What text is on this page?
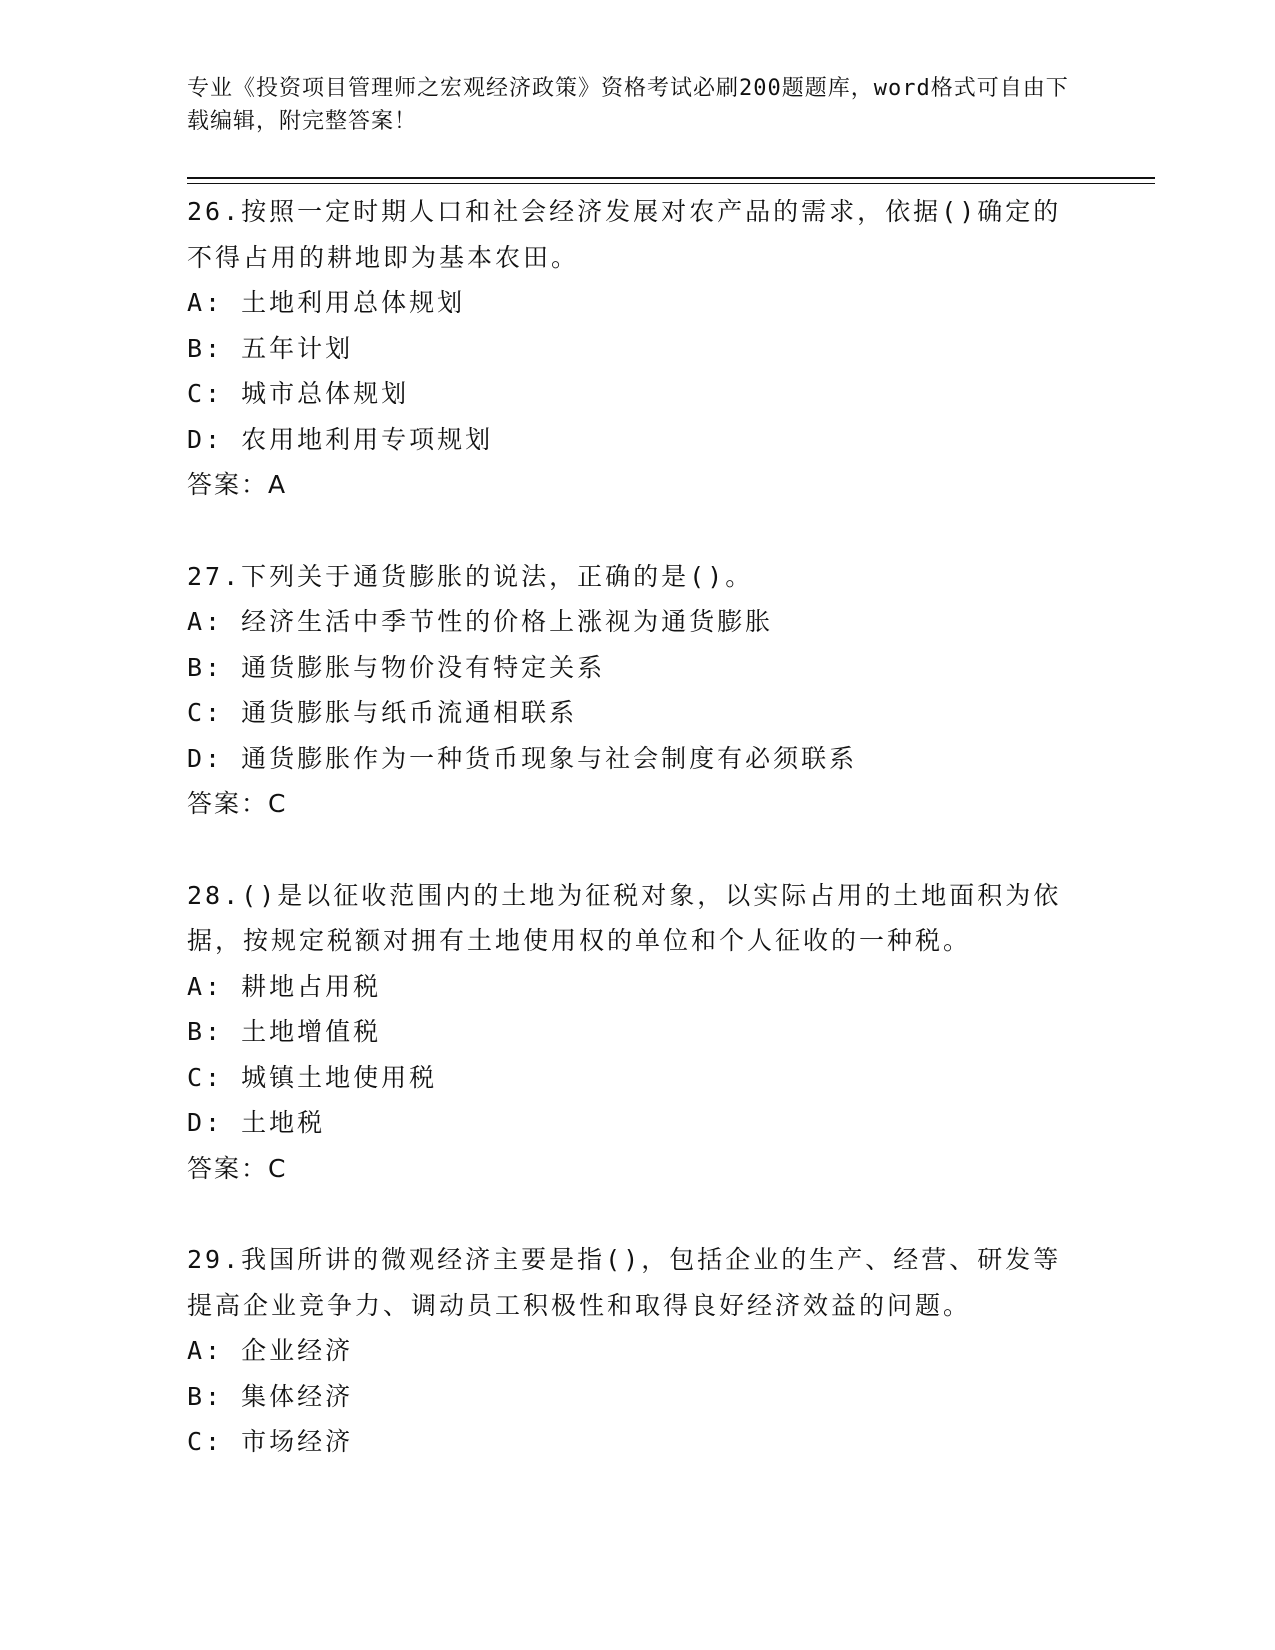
专业《投资项目管理师之宏观经济政策》资格考试必刷200题题库，word格式可自由下载编辑，附完整答案！
26.按照一定时期人口和社会经济发展对农产品的需求，依据()确定的不得占用的耕地即为基本农田。
A: 土地利用总体规划
B: 五年计划
C: 城市总体规划
D: 农用地利用专项规划
答案：A
27.下列关于通货膨胀的说法，正确的是()。
A: 经济生活中季节性的价格上涨视为通货膨胀
B: 通货膨胀与物价没有特定关系
C: 通货膨胀与纸币流通相联系
D: 通货膨胀作为一种货币现象与社会制度有必须联系
答案：C
28.()是以征收范围内的土地为征税对象，以实际占用的土地面积为依据，按规定税额对拥有土地使用权的单位和个人征收的一种税。
A: 耕地占用税
B: 土地增值税
C: 城镇土地使用税
D: 土地税
答案：C
29.我国所讲的微观经济主要是指()，包括企业的生产、经营、研发等提高企业竞争力、调动员工积极性和取得良好经济效益的问题。
A: 企业经济
B: 集体经济
C: 市场经济
